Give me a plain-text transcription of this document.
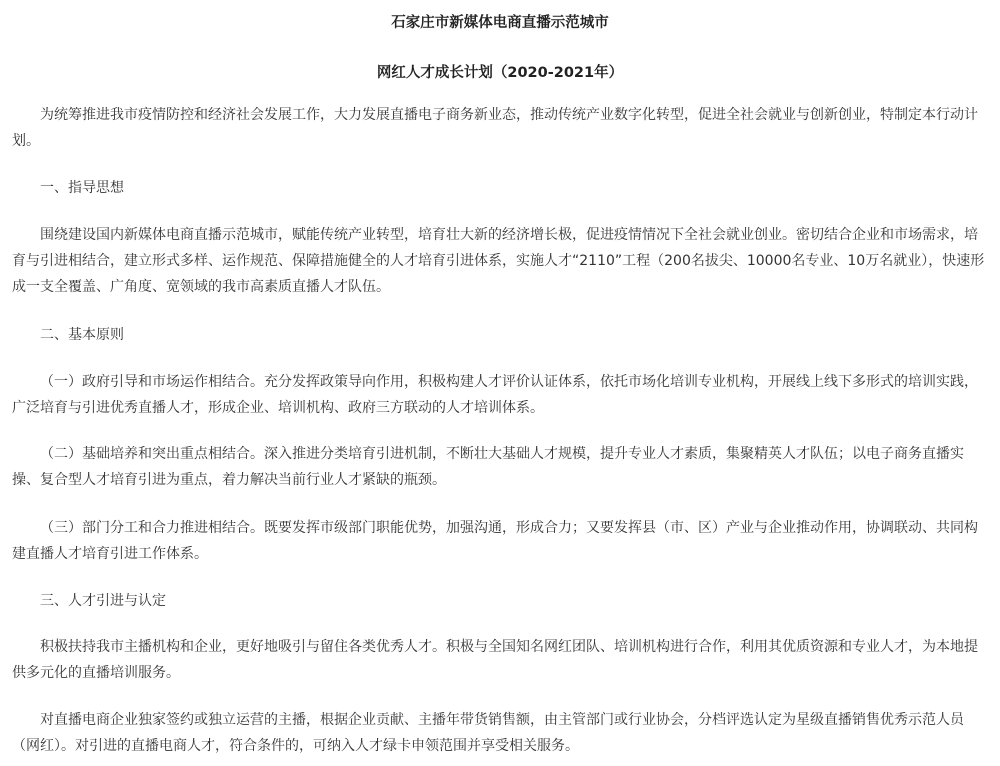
石家庄市新媒体电商直播示范城市
网红人才成长计划（2020-2021年）

为统筹推进我市疫情防控和经济社会发展工作，大力发展直播电子商务新业态，推动传统产业数字化转型，促进全社会就业与创新创业，特制定本行动计划。

一、指导思想

围绕建设国内新媒体电商直播示范城市，赋能传统产业转型，培育壮大新的经济增长极，促进疫情情况下全社会就业创业。密切结合企业和市场需求，培育与引进相结合，建立形式多样、运作规范、保障措施健全的人才培育引进体系，实施人才“2110”工程（200名拔尖、10000名专业、10万名就业），快速形成一支全覆盖、广角度、宽领域的我市高素质直播人才队伍。

二、基本原则

（一）政府引导和市场运作相结合。充分发挥政策导向作用，积极构建人才评价认证体系，依托市场化培训专业机构，开展线上线下多形式的培训实践，广泛培育与引进优秀直播人才，形成企业、培训机构、政府三方联动的人才培训体系。

（二）基础培养和突出重点相结合。深入推进分类培育引进机制，不断壮大基础人才规模，提升专业人才素质，集聚精英人才队伍；以电子商务直播实操、复合型人才培育引进为重点，着力解决当前行业人才紧缺的瓶颈。

（三）部门分工和合力推进相结合。既要发挥市级部门职能优势，加强沟通，形成合力；又要发挥县（市、区）产业与企业推动作用，协调联动、共同构建直播人才培育引进工作体系。

三、人才引进与认定

积极扶持我市主播机构和企业，更好地吸引与留住各类优秀人才。积极与全国知名网红团队、培训机构进行合作，利用其优质资源和专业人才，为本地提供多元化的直播培训服务。

对直播电商企业独家签约或独立运营的主播，根据企业贡献、主播年带货销售额，由主管部门或行业协会，分档评选认定为星级直播销售优秀示范人员（网红）。对引进的直播电商人才，符合条件的，可纳入人才绿卡申领范围并享受相关服务。
